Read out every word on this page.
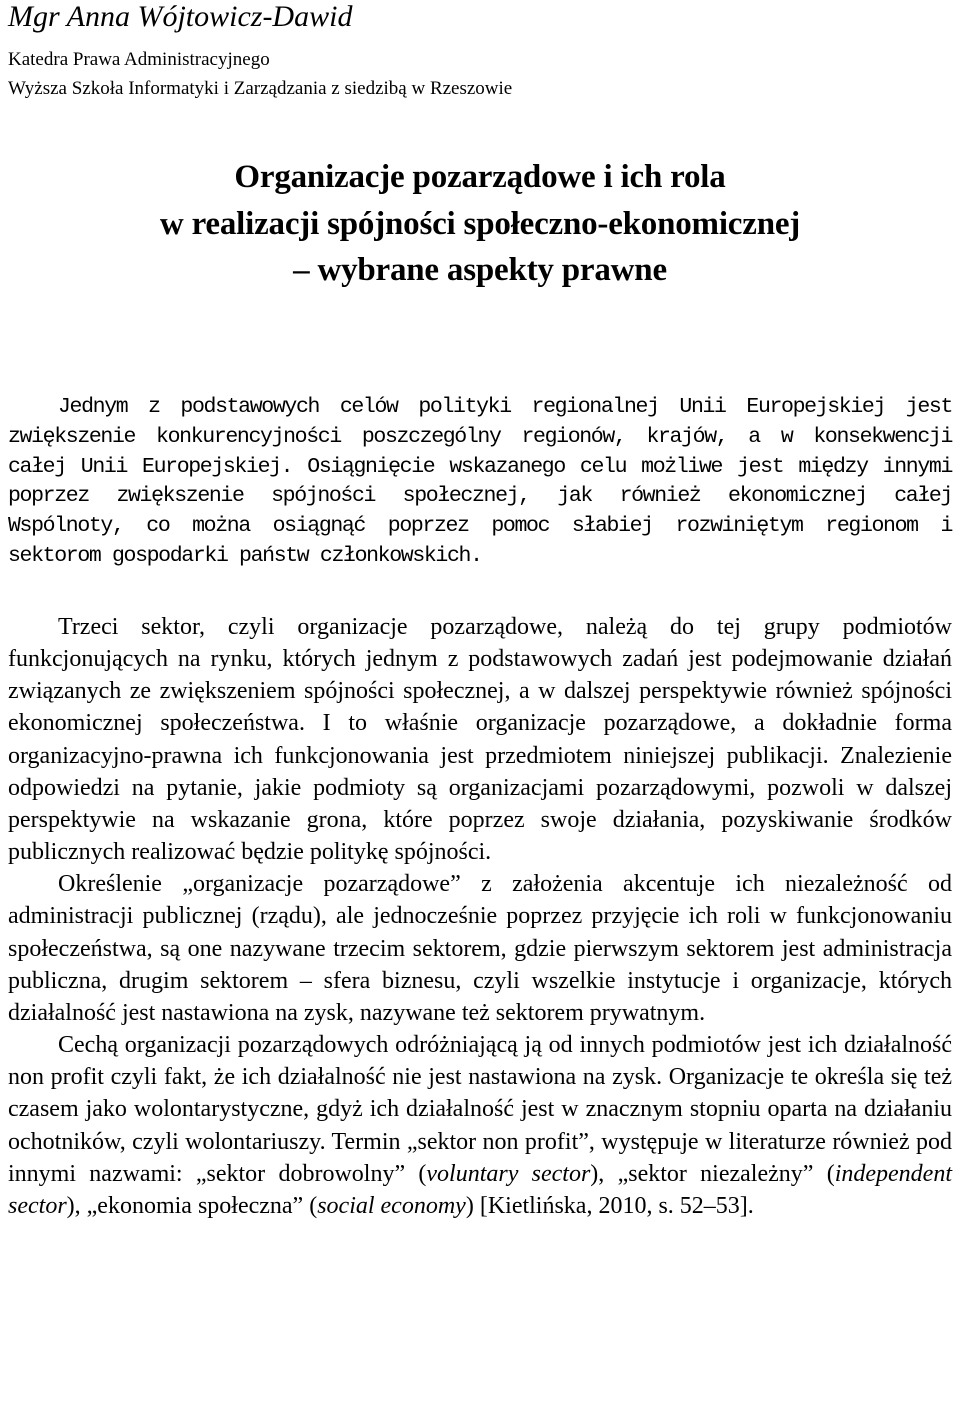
Mgr Anna Wójtowicz-Dawid
Katedra Prawa Administracyjnego
Wyższa Szkoła Informatyki i Zarządzania z siedzibą w Rzeszowie
Organizacje pozarządowe i ich rola
w realizacji spójności społeczno-ekonomicznej
– wybrane aspekty prawne
Jednym z podstawowych celów polityki regionalnej Unii Europejskiej jest zwiększenie konkurencyjności poszczególny regionów, krajów, a w konsekwencji całej Unii Europejskiej. Osiągnięcie wskazanego celu możliwe jest między innymi poprzez zwiększenie spójności społecznej, jak również ekonomicznej całej Wspólnoty, co można osiągnąć poprzez pomoc słabiej rozwiniętym regionom i sektorom gospodarki państw członkowskich.

Trzeci sektor, czyli organizacje pozarządowe, należą do tej grupy podmiotów funkcjonujących na rynku, których jednym z podstawowych zadań jest podejmowanie działań związanych ze zwiększeniem spójności społecznej, a w dalszej perspektywie również spójności ekonomicznej społeczeństwa. I to właśnie organizacje pozarządowe, a dokładnie forma organizacyjno-prawna ich funkcjonowania jest przedmiotem niniejszej publikacji. Znalezienie odpowiedzi na pytanie, jakie podmioty są organizacjami pozarządowymi, pozwoli w dalszej perspektywie na wskazanie grona, które poprzez swoje działania, pozyskiwanie środków publicznych realizować będzie politykę spójności.

Określenie „organizacje pozarządowe” z założenia akcentuje ich niezależność od administracji publicznej (rządu), ale jednocześnie poprzez przyjęcie ich roli w funkcjonowaniu społeczeństwa, są one nazywane trzecim sektorem, gdzie pierwszym sektorem jest administracja publiczna, drugim sektorem – sfera biznesu, czyli wszelkie instytucje i organizacje, których działalność jest nastawiona na zysk, nazywane też sektorem prywatnym.

Cechą organizacji pozarządowych odróżniającą ją od innych podmiotów jest ich działalność non profit czyli fakt, że ich działalność nie jest nastawiona na zysk. Organizacje te określa się też czasem jako wolontarystyczne, gdyż ich działalność jest w znacznym stopniu oparta na działaniu ochotników, czyli wolontariuszy. Termin „sektor non profit”, występuje w literaturze również pod innymi nazwami: „sektor dobrowolny” (voluntary sector), „sektor niezależny” (independent sector), „ekonomia społeczna” (social economy) [Kietlińska, 2010, s. 52–53].
